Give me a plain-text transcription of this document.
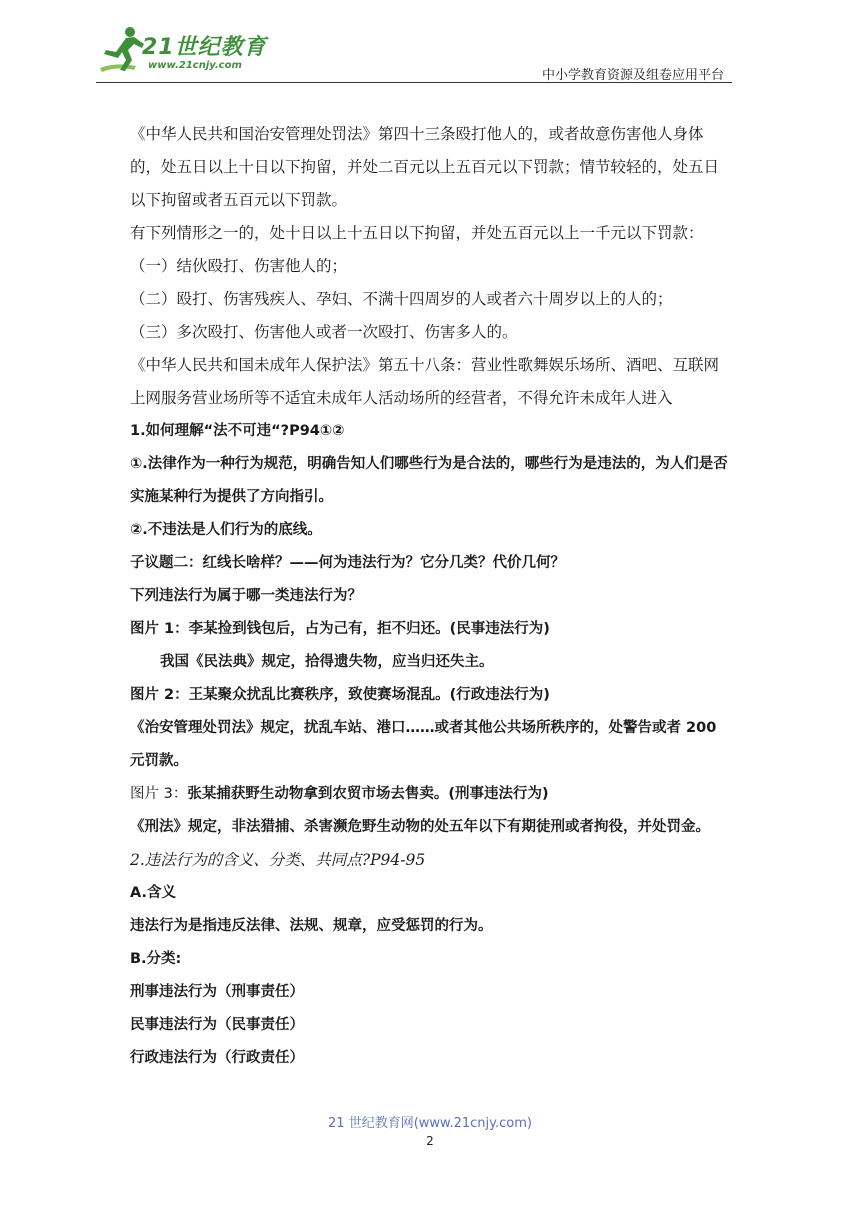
21世纪教育
www.21cnjy.com
中小学教育资源及组卷应用平台

《中华人民共和国治安管理处罚法》第四十三条殴打他人的，或者故意伤害他人身体的，处五日以上十日以下拘留，并处二百元以上五百元以下罚款；情节较轻的，处五日以下拘留或者五百元以下罚款。

有下列情形之一的，处十日以上十五日以下拘留，并处五百元以上一千元以下罚款：

（一）结伙殴打、伤害他人的；

（二）殴打、伤害残疾人、孕妇、不满十四周岁的人或者六十周岁以上的人的；

（三）多次殴打、伤害他人或者一次殴打、伤害多人的。

《中华人民共和国未成年人保护法》第五十八条：营业性歌舞娱乐场所、酒吧、互联网上网服务营业场所等不适宜未成年人活动场所的经营者，不得允许未成年人进入

1.如何理解“法不可违“?P94①②

①.法律作为一种行为规范，明确告知人们哪些行为是合法的，哪些行为是违法的，为人们是否实施某种行为提供了方向指引。

②.不违法是人们行为的底线。

子议题二：红线长啥样？——何为违法行为？它分几类？代价几何？

下列违法行为属于哪一类违法行为？

图片 1：李某捡到钱包后，占为己有，拒不归还。(民事违法行为)

我国《民法典》规定，拾得遗失物，应当归还失主。

图片 2：王某聚众扰乱比赛秩序，致使赛场混乱。(行政违法行为)

《治安管理处罚法》规定，扰乱车站、港口……或者其他公共场所秩序的，处警告或者 200 元罚款。

图片 3：张某捕获野生动物拿到农贸市场去售卖。(刑事违法行为)

《刑法》规定，非法猎捕、杀害濒危野生动物的处五年以下有期徒刑或者拘役，并处罚金。

2.违法行为的含义、分类、共同点?P94-95

A.含义

违法行为是指违反法律、法规、规章，应受惩罚的行为。

B.分类:

刑事违法行为（刑事责任）

民事违法行为（民事责任）

行政违法行为（行政责任）

21 世纪教育网(www.21cnjy.com)
2
